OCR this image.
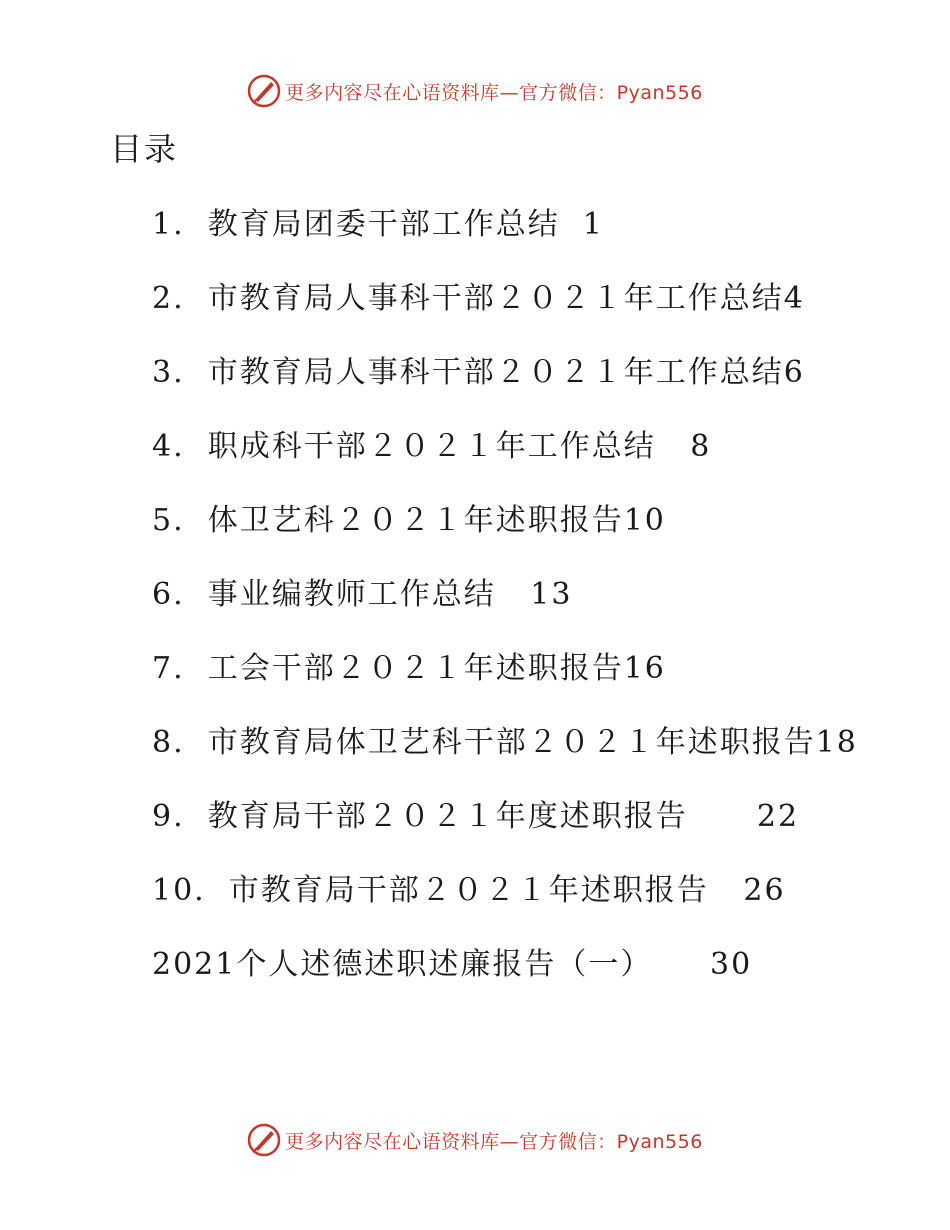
更多内容尽在心语资料库—官方微信：Pyan556
目录
1.  教育局团委干部工作总结  1
2.  市教育局人事科干部２０２１年工作总结4
3.  市教育局人事科干部２０２１年工作总结6
4.  职成科干部２０２１年工作总结   8
5.  体卫艺科２０２１年述职报告10
6.  事业编教师工作总结   13
7.  工会干部２０２１年述职报告16
8.  市教育局体卫艺科干部２０２１年述职报告18
9.  教育局干部２０２１年度述职报告      22
10.  市教育局干部２０２１年述职报告   26
2021个人述德述职述廉报告（一）     30
更多内容尽在心语资料库—官方微信：Pyan556
